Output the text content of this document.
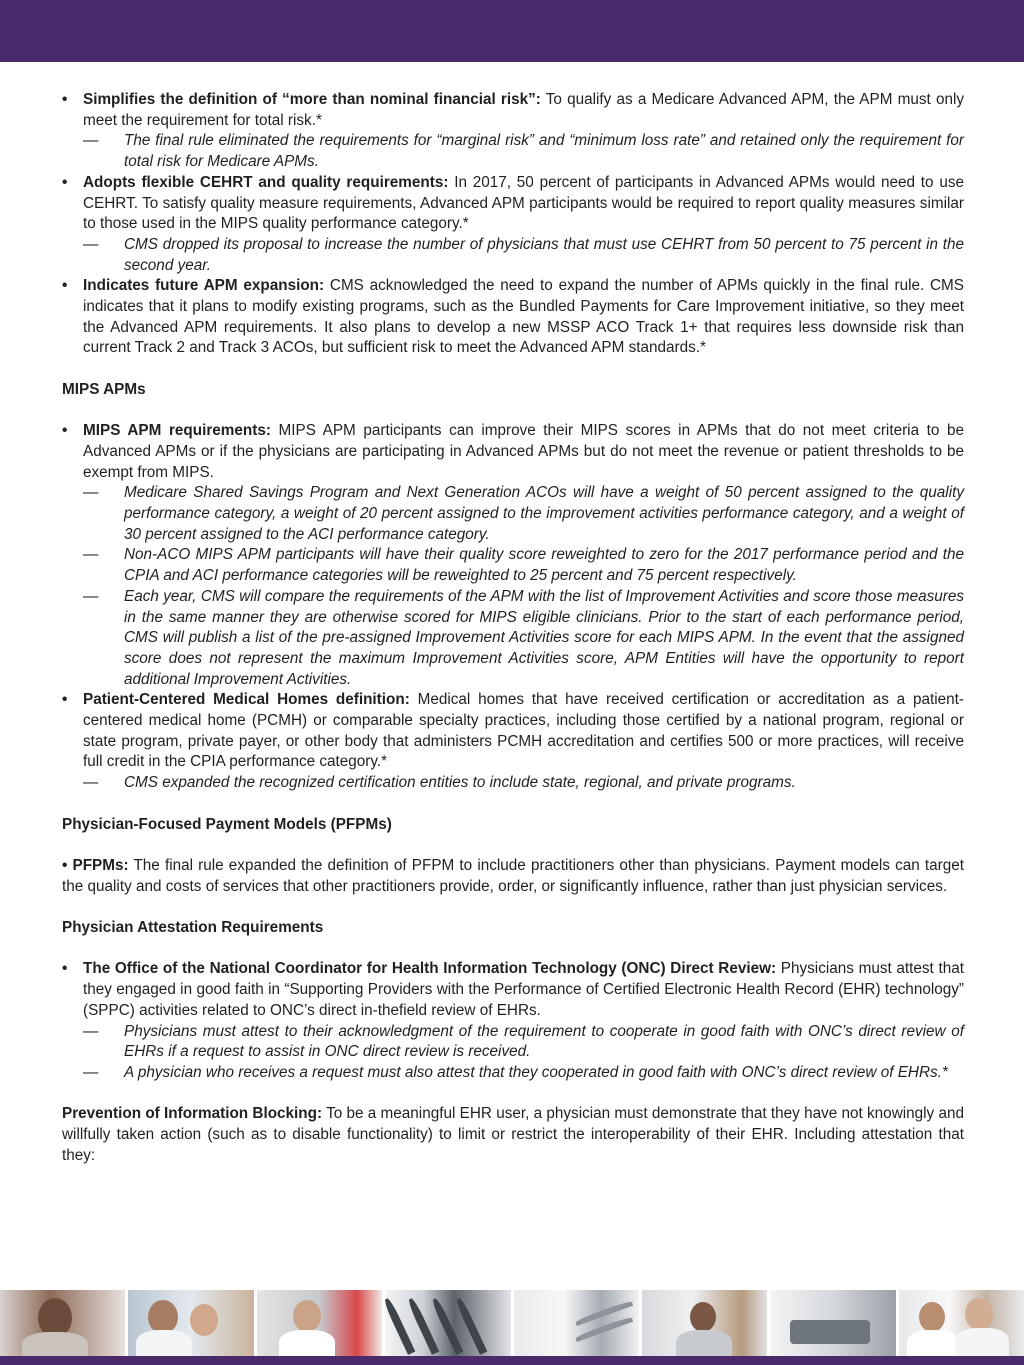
• Simplifies the definition of “more than nominal financial risk”: To qualify as a Medicare Advanced APM, the APM must only meet the requirement for total risk.*
— The final rule eliminated the requirements for “marginal risk” and “minimum loss rate” and retained only the requirement for total risk for Medicare APMs.
• Adopts flexible CEHRT and quality requirements: In 2017, 50 percent of participants in Advanced APMs would need to use CEHRT. To satisfy quality measure requirements, Advanced APM participants would be required to report quality measures similar to those used in the MIPS quality performance category.*
— CMS dropped its proposal to increase the number of physicians that must use CEHRT from 50 percent to 75 percent in the second year.
• Indicates future APM expansion: CMS acknowledged the need to expand the number of APMs quickly in the final rule. CMS indicates that it plans to modify existing programs, such as the Bundled Payments for Care Improvement initiative, so they meet the Advanced APM requirements. It also plans to develop a new MSSP ACO Track 1+ that requires less downside risk than current Track 2 and Track 3 ACOs, but sufficient risk to meet the Advanced APM standards.*
MIPS APMs
• MIPS APM requirements: MIPS APM participants can improve their MIPS scores in APMs that do not meet criteria to be Advanced APMs or if the physicians are participating in Advanced APMs but do not meet the revenue or patient thresholds to be exempt from MIPS.
— Medicare Shared Savings Program and Next Generation ACOs will have a weight of 50 percent assigned to the quality performance category, a weight of 20 percent assigned to the improvement activities performance category, and a weight of 30 percent assigned to the ACI performance category.
— Non-ACO MIPS APM participants will have their quality score reweighted to zero for the 2017 performance period and the CPIA and ACI performance categories will be reweighted to 25 percent and 75 percent respectively.
— Each year, CMS will compare the requirements of the APM with the list of Improvement Activities and score those measures in the same manner they are otherwise scored for MIPS eligible clinicians. Prior to the start of each performance period, CMS will publish a list of the pre-assigned Improvement Activities score for each MIPS APM. In the event that the assigned score does not represent the maximum Improvement Activities score, APM Entities will have the opportunity to report additional Improvement Activities.
• Patient-Centered Medical Homes definition: Medical homes that have received certification or accreditation as a patient-centered medical home (PCMH) or comparable specialty practices, including those certified by a national program, regional or state program, private payer, or other body that administers PCMH accreditation and certifies 500 or more practices, will receive full credit in the CPIA performance category.*
— CMS expanded the recognized certification entities to include state, regional, and private programs.
Physician-Focused Payment Models (PFPMs)
• PFPMs: The final rule expanded the definition of PFPM to include practitioners other than physicians. Payment models can target the quality and costs of services that other practitioners provide, order, or significantly influence, rather than just physician services.
Physician Attestation Requirements
• The Office of the National Coordinator for Health Information Technology (ONC) Direct Review: Physicians must attest that they engaged in good faith in “Supporting Providers with the Performance of Certified Electronic Health Record (EHR) technology” (SPPC) activities related to ONC’s direct in-thefield review of EHRs.
— Physicians must attest to their acknowledgment of the requirement to cooperate in good faith with ONC’s direct review of EHRs if a request to assist in ONC direct review is received.
— A physician who receives a request must also attest that they cooperated in good faith with ONC’s direct review of EHRs.*
Prevention of Information Blocking: To be a meaningful EHR user, a physician must demonstrate that they have not knowingly and willfully taken action (such as to disable functionality) to limit or restrict the interoperability of their EHR. Including attestation that they:
